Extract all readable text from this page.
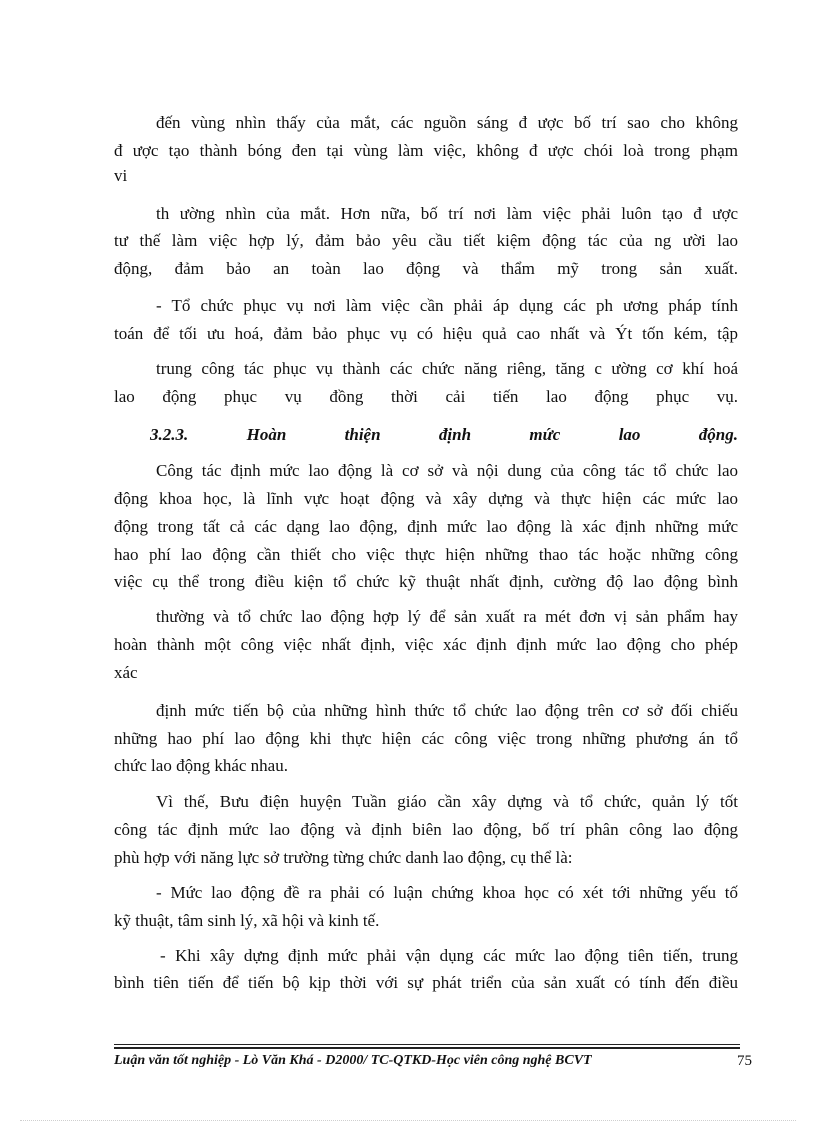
đến vùng nhìn thấy của mắt, các nguồn sáng đ ược bố trí sao cho không
đ ược tạo thành bóng đen tại vùng làm việc, không đ ược chói loà trong phạm
vi
th ường nhìn của mắt. Hơn nữa, bố trí nơi làm việc phải luôn tạo đ ược
tư thế làm việc hợp lý, đảm bảo yêu cầu tiết kiệm động tác của ng ười lao
động, đảm bảo an toàn lao động và thẩm mỹ trong sản xuất.
- Tổ chức phục vụ nơi làm việc cần phải áp dụng các ph ương pháp tính
toán để tối ưu hoá, đảm bảo phục vụ có hiệu quả cao nhất và Ýt tốn kém, tập
trung công tác phục vụ thành các chức năng riêng, tăng c ường cơ khí hoá
lao động phục vụ đồng thời cải tiến lao động phục vụ.
3.2.3. Hoàn thiện định mức lao động.
Công tác định mức lao động là cơ sở và nội dung của công tác tổ chức lao
động khoa học, là lĩnh vực hoạt động và xây dựng và thực hiện các mức lao
động trong tất cả các dạng lao động, định mức lao động là xác định những mức
hao phí lao động cần thiết cho việc thực hiện những thao tác hoặc những công
việc cụ thể trong điều kiện tổ chức kỹ thuật nhất định, cường độ lao động bình
thường và tổ chức lao động hợp lý để sản xuất ra mét đơn vị sản phẩm hay
hoàn thành một công việc nhất định, việc xác định định mức lao động cho phép
xác
định mức tiến bộ của những hình thức tổ chức lao động trên cơ sở đối chiếu
những hao phí lao động khi thực hiện các công việc trong những phương án tổ
chức lao động khác nhau.
Vì thế, Bưu điện huyện Tuần giáo cần xây dựng và tổ chức, quản lý tốt
công tác định mức lao động và định biên lao động, bố trí phân công lao động
phù hợp với năng lực sở trường từng chức danh lao động, cụ thể là:
- Mức lao động đề ra phải có luận chứng khoa học có xét tới những yếu tố
kỹ thuật, tâm sinh lý, xã hội và kinh tế.
- Khi xây dựng định mức phải vận dụng các mức lao động tiên tiến, trung
bình tiên tiến để tiến bộ kịp thời với sự phát triển của sản xuất có tính đến điều
Luận văn tốt nghiệp - Lò Văn Khá - D2000/ TC-QTKD-Học viên công nghệ BCVT	75
